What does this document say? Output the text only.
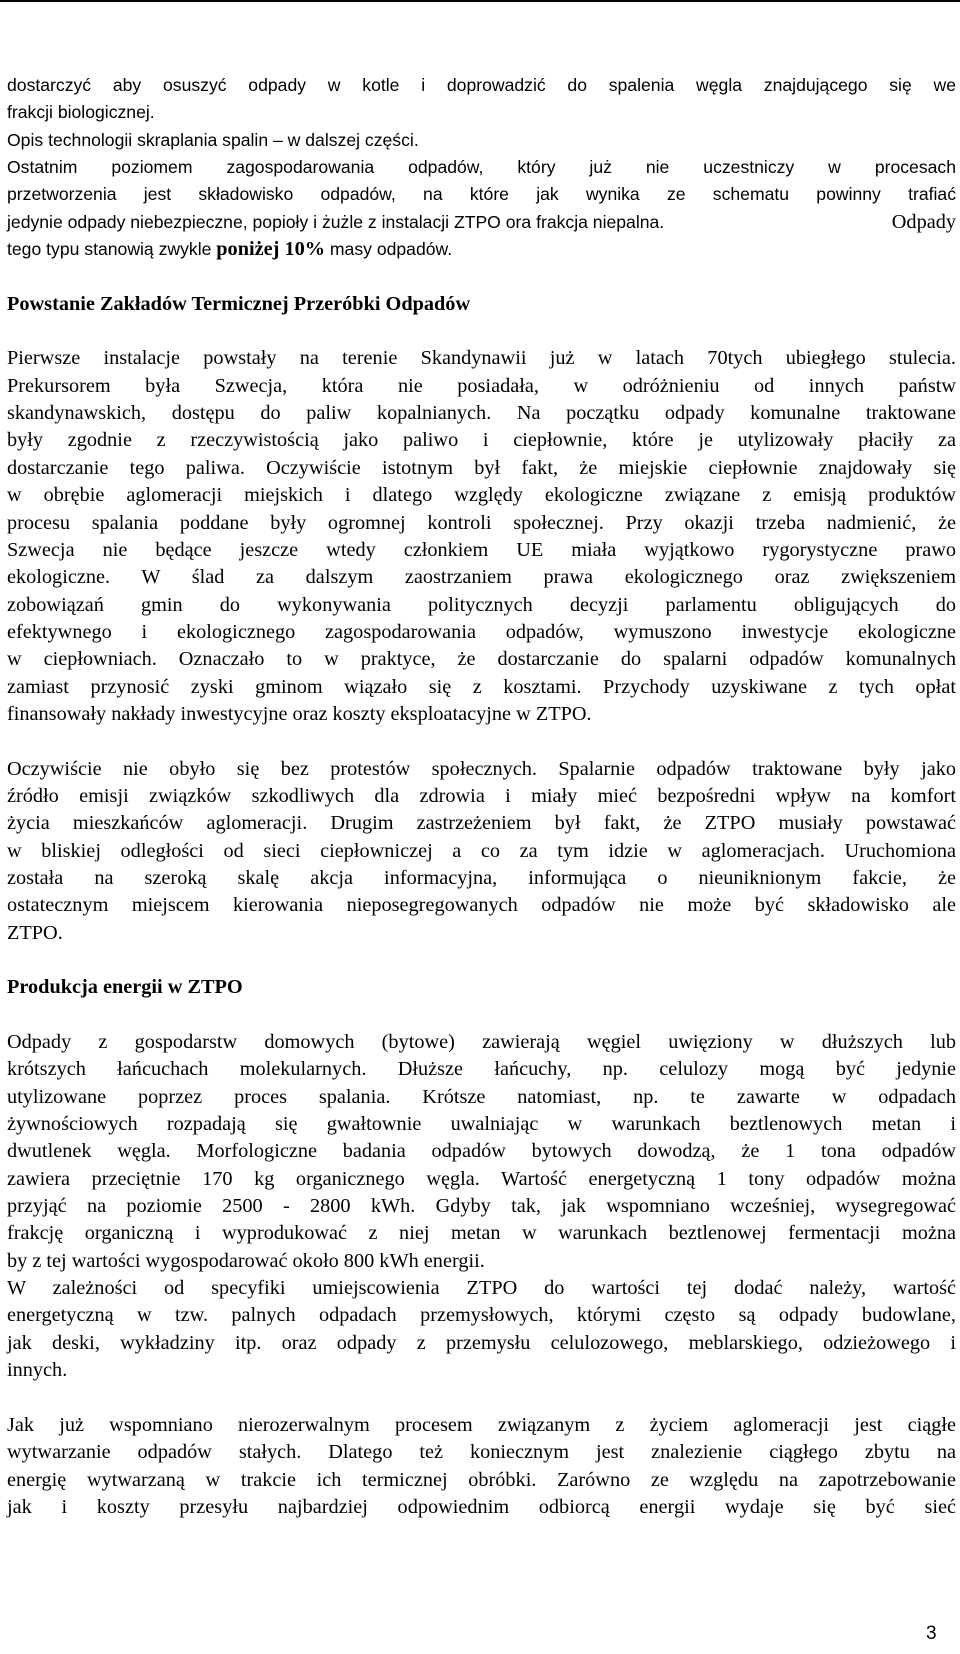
dostarczyć aby osuszyć odpady w kotle i doprowadzić do spalenia węgla znajdującego się we
frakcji biologicznej.
Opis technologii skraplania spalin – w dalszej części.
Ostatnim poziomem zagospodarowania odpadów, który już nie uczestniczy w procesach
przetworzenia jest składowisko odpadów, na które jak wynika ze schematu powinny trafiać
jedynie odpady niebezpieczne, popioły i żużle z instalacji ZTPO ora frakcja niepalna.	Odpady
tego typu stanowią zwykle poniżej 10% masy odpadów.
Powstanie Zakładów Termicznej Przeróbki Odpadów
Pierwsze instalacje powstały na terenie Skandynawii już w latach 70tych ubiegłego stulecia.
Prekursorem była Szwecja, która nie posiadała, w odróżnieniu od innych państw
skandynawskich, dostępu do paliw kopalnianych. Na początku odpady komunalne traktowane
były zgodnie z rzeczywistością jako paliwo i ciepłownie, które je utylizowały płaciły za
dostarczanie tego paliwa. Oczywiście istotnym był fakt, że miejskie ciepłownie znajdowały się
w obrębie aglomeracji miejskich i dlatego względy ekologiczne związane z emisją produktów
procesu spalania poddane były ogromnej kontroli społecznej. Przy okazji trzeba nadmienić, że
Szwecja nie będące jeszcze wtedy członkiem UE miała wyjątkowo rygorystyczne prawo
ekologiczne. W ślad za dalszym zaostrzaniem prawa ekologicznego oraz zwiększeniem
zobowiązań gmin do wykonywania politycznych decyzji parlamentu obligujących do
efektywnego i ekologicznego zagospodarowania odpadów, wymuszono inwestycje ekologiczne
w ciepłowniach. Oznaczało to w praktyce, że dostarczanie do spalarni odpadów komunalnych
zamiast przynosić zyski gminom wiązało się z kosztami. Przychody uzyskiwane z tych opłat
finansowały nakłady inwestycyjne oraz koszty eksploatacyjne w ZTPO.
Oczywiście nie obyło się bez protestów społecznych. Spalarnie odpadów traktowane były jako
źródło emisji związków szkodliwych dla zdrowia i miały mieć bezpośredni wpływ na komfort
życia mieszkańców aglomeracji. Drugim zastrzeżeniem był fakt, że ZTPO musiały powstawać
w bliskiej odległości od sieci ciepłowniczej a co za tym idzie w aglomeracjach. Uruchomiona
została na szeroką skalę akcja informacyjna, informująca o nieuniknionym fakcie, że
ostatecznym miejscem kierowania nieposegregowanych odpadów nie może być składowisko ale
ZTPO.
Produkcja energii w ZTPO
Odpady z gospodarstw domowych (bytowe) zawierają węgiel uwięziony w dłuższych lub
krótszych łańcuchach molekularnych. Dłuższe łańcuchy, np. celulozy mogą być jedynie
utylizowane poprzez proces spalania. Krótsze natomiast, np. te zawarte w odpadach
żywnościowych rozpadają się gwałtownie uwalniając w warunkach beztlenowych metan i
dwutlenek węgla. Morfologiczne badania odpadów bytowych dowodzą, że 1 tona odpadów
zawiera przeciętnie 170 kg organicznego węgla. Wartość energetyczną 1 tony odpadów można
przyjąć na poziomie 2500 - 2800 kWh. Gdyby tak, jak wspomniano wcześniej, wysegregować
frakcję organiczną i wyprodukować z niej metan w warunkach beztlenowej fermentacji można
by z tej wartości wygospodarować około 800 kWh energii.
W zależności od specyfiki umiejscowienia ZTPO do wartości tej dodać należy, wartość
energetyczną w tzw. palnych odpadach przemysłowych, którymi często są odpady budowlane,
jak deski, wykładziny itp. oraz odpady z przemysłu celulozowego, meblarskiego, odzieżowego i
innych.
Jak już wspomniano nierozerwalnym procesem związanym z życiem aglomeracji jest ciągłe
wytwarzanie odpadów stałych. Dlatego też koniecznym jest znalezienie ciągłego zbytu na
energię wytwarzaną w trakcie ich termicznej obróbki. Zarówno ze względu na zapotrzebowanie
jak i koszty przesyłu najbardziej odpowiednim odbiorcą energii wydaje się być sieć
3
